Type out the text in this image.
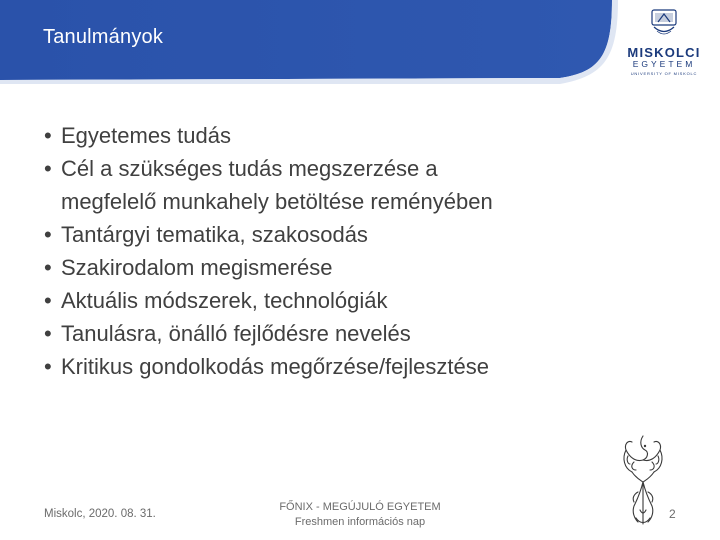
Tanulmányok
MISKOLCI
EGYETEM
UNIVERSITY OF MISKOLC
• Egyetemes tudás
• Cél a szükséges tudás megszerzése a
megfelelő munkahely betöltése reményében
• Tantárgyi tematika, szakosodás
• Szakirodalom megismerése
• Aktuális módszerek, technológiák
• Tanulásra, önálló fejlődésre nevelés
• Kritikus gondolkodás megőrzése/fejlesztése
Miskolc, 2020. 08. 31.
FŐNIX - MEGÚJULÓ EGYETEM
Freshmen információs nap
2
